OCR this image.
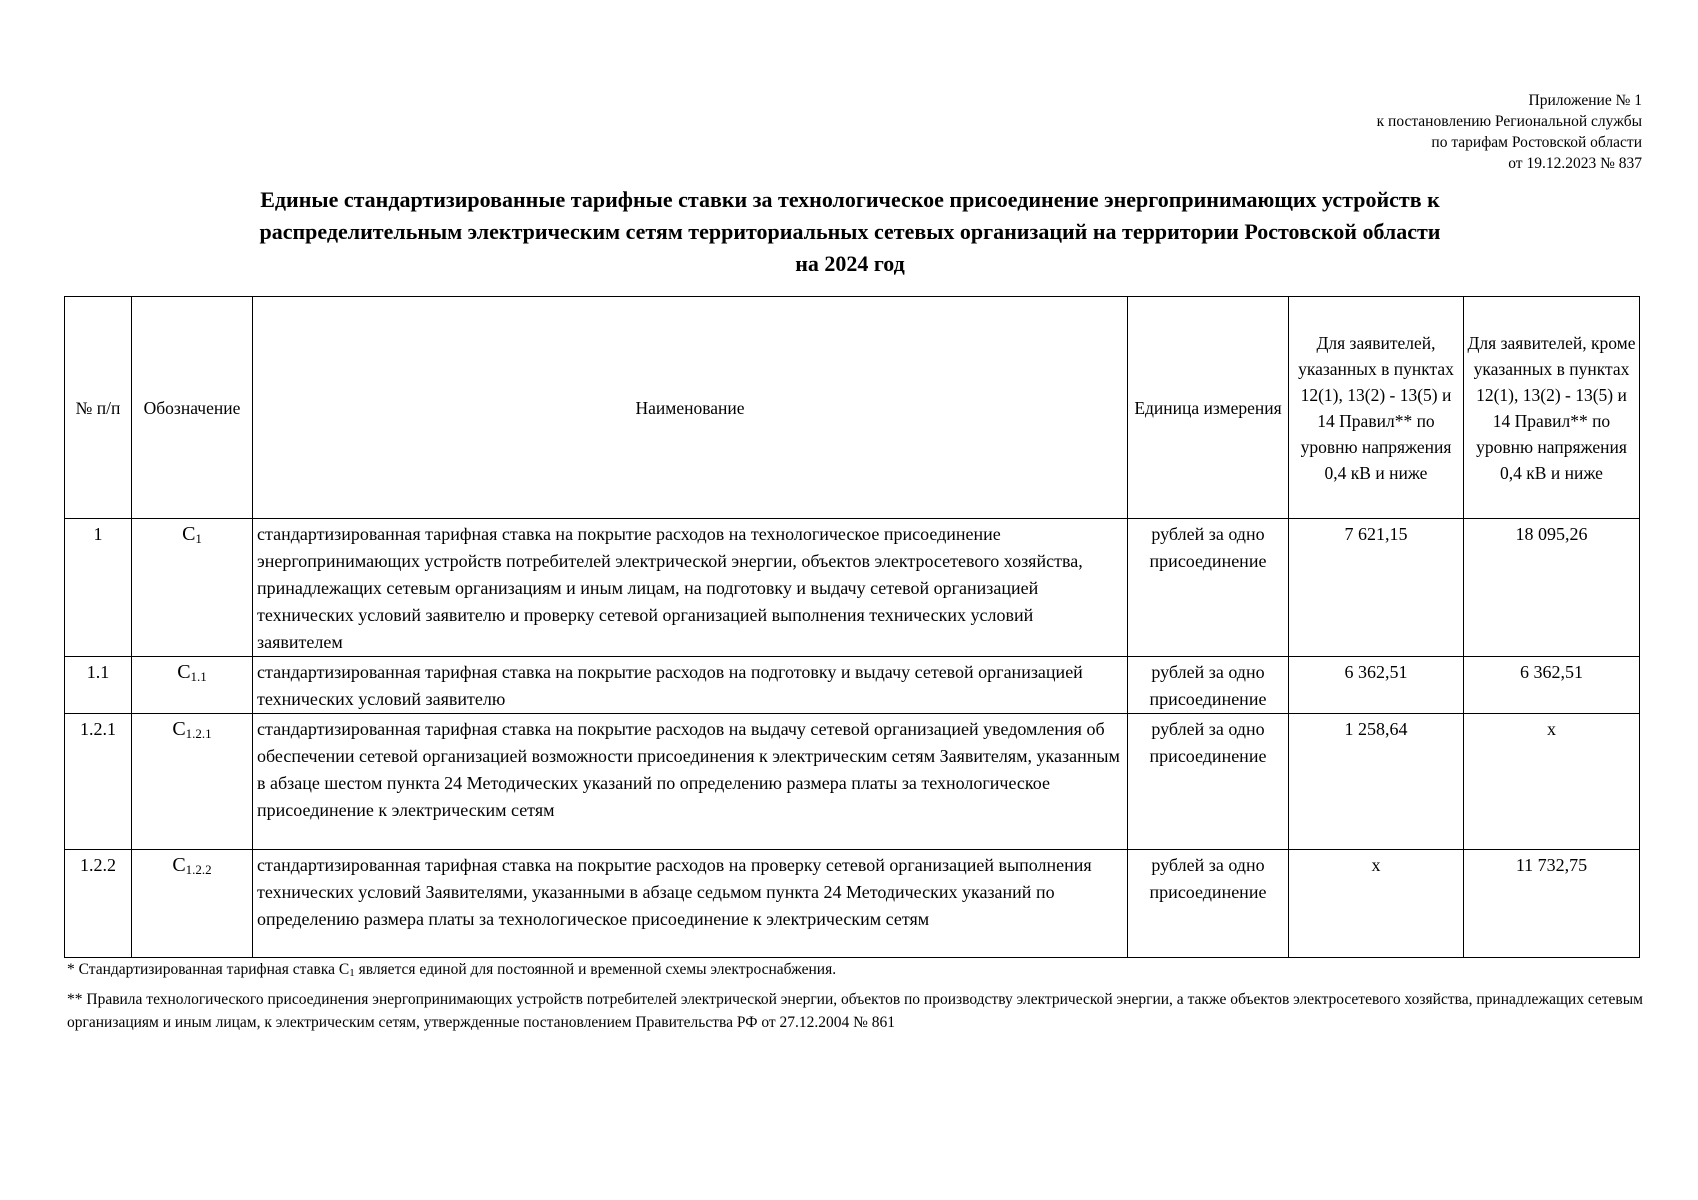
Приложение № 1
к постановлению Региональной службы
по тарифам Ростовской области
от 19.12.2023 № 837
Единые стандартизированные тарифные ставки за технологическое присоединение энергопринимающих устройств к
распределительным электрическим сетям территориальных сетевых организаций на территории Ростовской области
на 2024 год
№ п/п	Обозначение	Наименование	Единица измерения	Для заявителей, указанных в пунктах 12(1), 13(2) - 13(5) и 14 Правил** по уровню напряжения 0,4 кВ и ниже	Для заявителей, кроме указанных в пунктах 12(1), 13(2) - 13(5) и 14 Правил** по уровню напряжения 0,4 кВ и ниже

1	$C_1$	стандартизированная тарифная ставка на покрытие расходов на технологическое присоединение энергопринимающих устройств потребителей электрической энергии, объектов электросетевого хозяйства, принадлежащих сетевым организациям и иным лицам, на подготовку и выдачу сетевой организацией технических условий заявителю и проверку сетевой организацией выполнения технических условий заявителем	рублей за одно присоединение	7 621,15	18 095,26

1.1	$C_{1.1}$	стандартизированная тарифная ставка на покрытие расходов на подготовку и выдачу сетевой организацией технических условий заявителю	рублей за одно присоединение	6 362,51	6 362,51

1.2.1	$C_{1.2.1}$	стандартизированная тарифная ставка на покрытие расходов на выдачу сетевой организацией уведомления об обеспечении сетевой организацией возможности присоединения к электрическим сетям Заявителям, указанным в абзаце шестом пункта 24 Методических указаний по определению размера платы за технологическое присоединение к электрическим сетям	рублей за одно присоединение	1 258,64	x

1.2.2	$C_{1.2.2}$	стандартизированная тарифная ставка на покрытие расходов на проверку сетевой организацией выполнения технических условий Заявителями, указанными в абзаце седьмом пункта 24 Методических указаний по определению размера платы за технологическое присоединение к электрическим сетям	рублей за одно присоединение	x	11 732,75
* Стандартизированная тарифная ставка $С_1$ является единой для постоянной и временной схемы электроснабжения.
** Правила технологического присоединения энергопринимающих устройств потребителей электрической энергии, объектов по производству электрической энергии, а также объектов электросетевого хозяйства, принадлежащих сетевым организациям и иным лицам, к электрическим сетям, утвержденные постановлением Правительства РФ от 27.12.2004 № 861
